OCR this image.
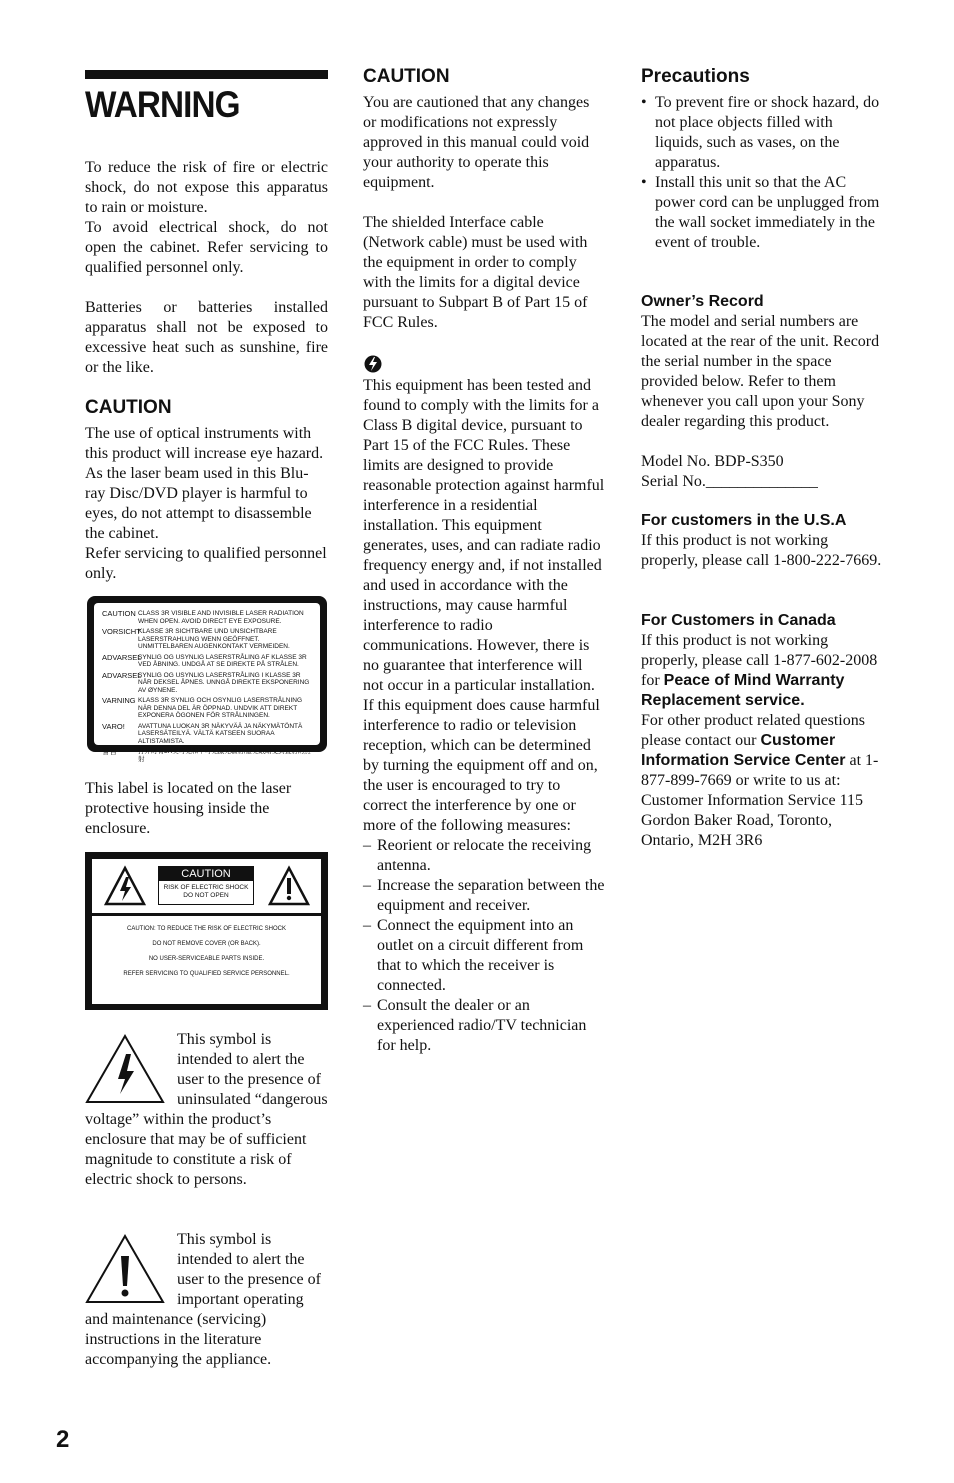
WARNING

To reduce the risk of fire or electric shock, do not expose this apparatus to rain or moisture.

To avoid electrical shock, do not open the cabinet. Refer servicing to qualified personnel only.

Batteries or batteries installed apparatus shall not be exposed to excessive heat such as sunshine, fire or the like.

CAUTION

The use of optical instruments with this product will increase eye hazard. As the laser beam used in this Blu-ray Disc/DVD player is harmful to eyes, do not attempt to disassemble the cabinet.

Refer servicing to qualified personnel only.

CAUTION CLASS 3R VISIBLE AND INVISIBLE LASER RADIATION WHEN OPEN. AVOID DIRECT EYE EXPOSURE.
VORSICHT
KLASSE 3R SICHTBARE UND UNSICHTBARE LASERSTRAHLUNG WENN GEÖFFNET. UNMITTELBAREN AUGENKONTAKT VERMEIDEN.
ADVARSEL
SYNLIG OG USYNLIG LASERSTRÅLING AF KLASSE 3R VED ÅBNING. UNDGÅ AT SE DIREKTE PÅ STRÅLEN.
ADVARSEL
SYNLIG OG USYNLIG LASERSTRÅLING I KLASSE 3R NÅR DEKSEL ÅPNES. UNNGÅ DIREKTE EKSPONERING AV ØYNENE.
VARNING KLASS 3R SYNLIG OCH OSYNLIG LASERSTRÅLNING NÄR DENNA DEL ÄR ÖPPNAD. UNDVIK ATT DIREKT EXPONERA ÖGONEN FÖR STRÅLNINGEN.
VARO!	AVATTUNA LUOKAN 3R NÄKYVÄÄ JA NÄKYMÄTÖNTÄ LASERSÄTEILYÄ. VÄLTÄ KATSEEN SUORAA ALTISTAMISTA.
警告	打开时有3R类可见和不可见激光辐射,避免眼睛受到直射的照射

This label is located on the laser protective housing inside the enclosure.

CAUTION
RISK OF ELECTRIC SHOCK
DO NOT OPEN
CAUTION: TO REDUCE THE RISK OF ELECTRIC SHOCK
DO NOT REMOVE COVER (OR BACK).
NO USER-SERVICEABLE PARTS INSIDE.
REFER SERVICING TO QUALIFIED SERVICE PERSONNEL.

This symbol is intended to alert the user to the presence of uninsulated “dangerous voltage” within the product’s enclosure that may be of sufficient magnitude to constitute a risk of electric shock to persons.

This symbol is intended to alert the user to the presence of important operating and maintenance (servicing) instructions in the literature accompanying the appliance.

CAUTION

You are cautioned that any changes or modifications not expressly approved in this manual could void your authority to operate this equipment.

The shielded Interface cable (Network cable) must be used with the equipment in order to comply with the limits for a digital device pursuant to Subpart B of Part 15 of FCC Rules.

This equipment has been tested and found to comply with the limits for a Class B digital device, pursuant to Part 15 of the FCC Rules. These limits are designed to provide reasonable protection against harmful interference in a residential installation. This equipment generates, uses, and can radiate radio frequency energy and, if not installed and used in accordance with the instructions, may cause harmful interference to radio communications. However, there is no guarantee that interference will not occur in a particular installation. If this equipment does cause harmful interference to radio or television reception, which can be determined by turning the equipment off and on, the user is encouraged to try to correct the interference by one or more of the following measures:

– Reorient or relocate the receiving antenna.
– Increase the separation between the equipment and receiver.
– Connect the equipment into an outlet on a circuit different from that to which the receiver is connected.
– Consult the dealer or an experienced radio/TV technician for help.
Precautions
• To prevent fire or shock hazard, do not place objects filled with liquids, such as vases, on the apparatus.
• Install this unit so that the AC power cord can be unplugged from the wall socket immediately in the event of trouble.
Owner’s Record

The model and serial numbers are located at the rear of the unit. Record the serial number in the space provided below. Refer to them whenever you call upon your Sony dealer regarding this product.

Model No. BDP-S350

Serial No.______________

For customers in the U.S.A

If this product is not working properly, please call 1-800-222-7669.

For Customers in Canada

If this product is not working properly, please call 1-877-602-2008 for Peace of Mind Warranty Replacement service.

For other product related questions please contact our Customer Information Service Center at 1-877-899-7669 or write to us at: Customer Information Service 115 Gordon Baker Road, Toronto, Ontario, M2H 3R6

2
